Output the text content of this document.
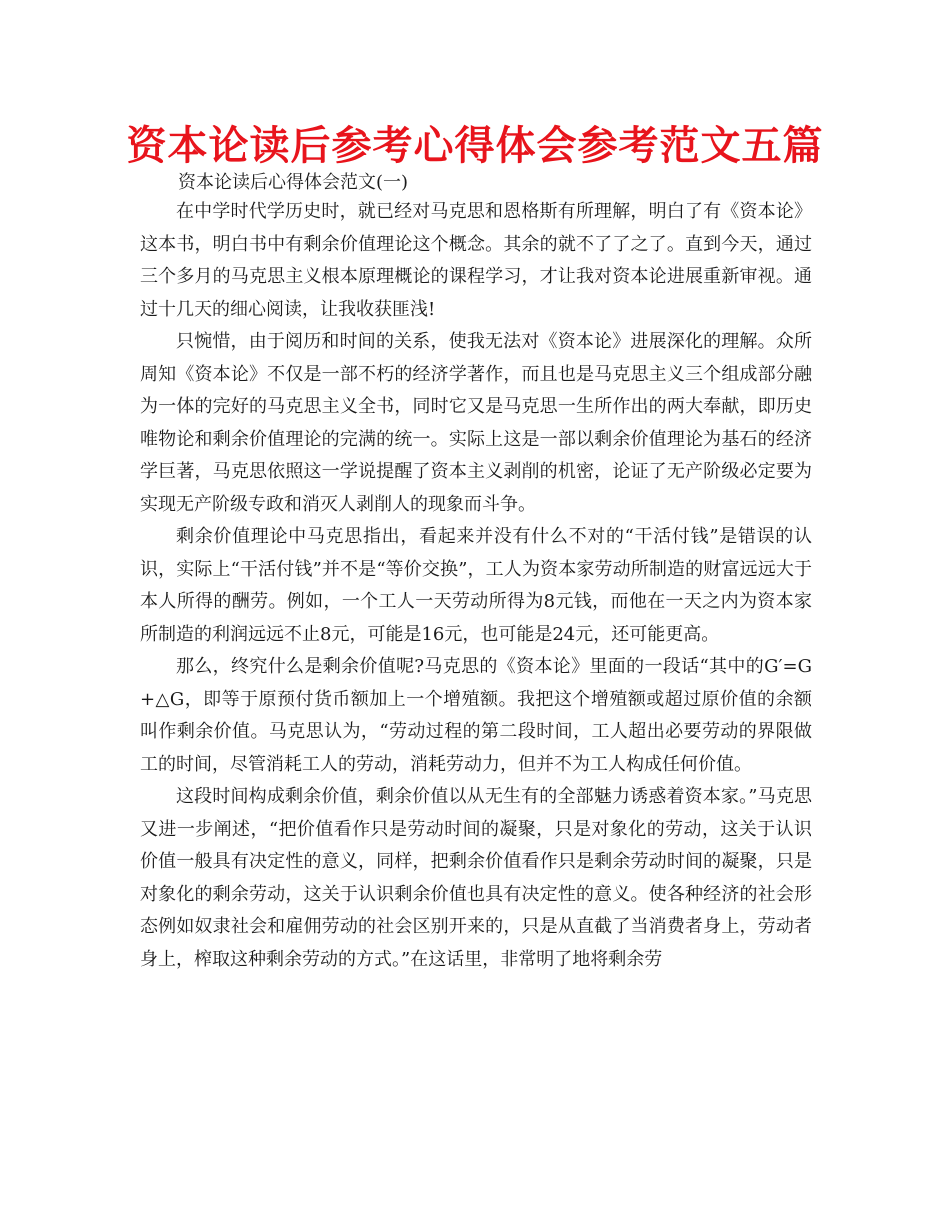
资本论读后参考心得体会参考范文五篇
资本论读后心得体会范文(一)

在中学时代学历史时，就已经对马克思和恩格斯有所理解，明白了有《资本论》这本书，明白书中有剩余价值理论这个概念。其余的就不了了之了。直到今天，通过三个多月的马克思主义根本原理概论的课程学习，才让我对资本论进展重新审视。通过十几天的细心阅读，让我收获匪浅!

只惋惜，由于阅历和时间的关系，使我无法对《资本论》进展深化的理解。众所周知《资本论》不仅是一部不朽的经济学著作，而且也是马克思主义三个组成部分融为一体的完好的马克思主义全书，同时它又是马克思一生所作出的两大奉献，即历史唯物论和剩余价值理论的完满的统一。实际上这是一部以剩余价值理论为基石的经济学巨著，马克思依照这一学说提醒了资本主义剥削的机密，论证了无产阶级必定要为实现无产阶级专政和消灭人剥削人的现象而斗争。

剩余价值理论中马克思指出，看起来并没有什么不对的“干活付钱”是错误的认识，实际上“干活付钱”并不是“等价交换”，工人为资本家劳动所制造的财富远远大于本人所得的酬劳。例如，一个工人一天劳动所得为8元钱，而他在一天之内为资本家所制造的利润远远不止8元，可能是16元，也可能是24元，还可能更高。

那么，终究什么是剩余价值呢?马克思的《资本论》里面的一段话“其中的G′=G+△G，即等于原预付货币额加上一个增殖额。我把这个增殖额或超过原价值的余额叫作剩余价值。马克思认为，“劳动过程的第二段时间，工人超出必要劳动的界限做工的时间，尽管消耗工人的劳动，消耗劳动力，但并不为工人构成任何价值。

这段时间构成剩余价值，剩余价值以从无生有的全部魅力诱惑着资本家。”马克思又进一步阐述，“把价值看作只是劳动时间的凝聚，只是对象化的劳动，这关于认识价值一般具有决定性的意义，同样，把剩余价值看作只是剩余劳动时间的凝聚，只是对象化的剩余劳动，这关于认识剩余价值也具有决定性的意义。使各种经济的社会形态例如奴隶社会和雇佣劳动的社会区别开来的，只是从直截了当消费者身上，劳动者身上，榨取这种剩余劳动的方式。”在这话里，非常明了地将剩余劳
